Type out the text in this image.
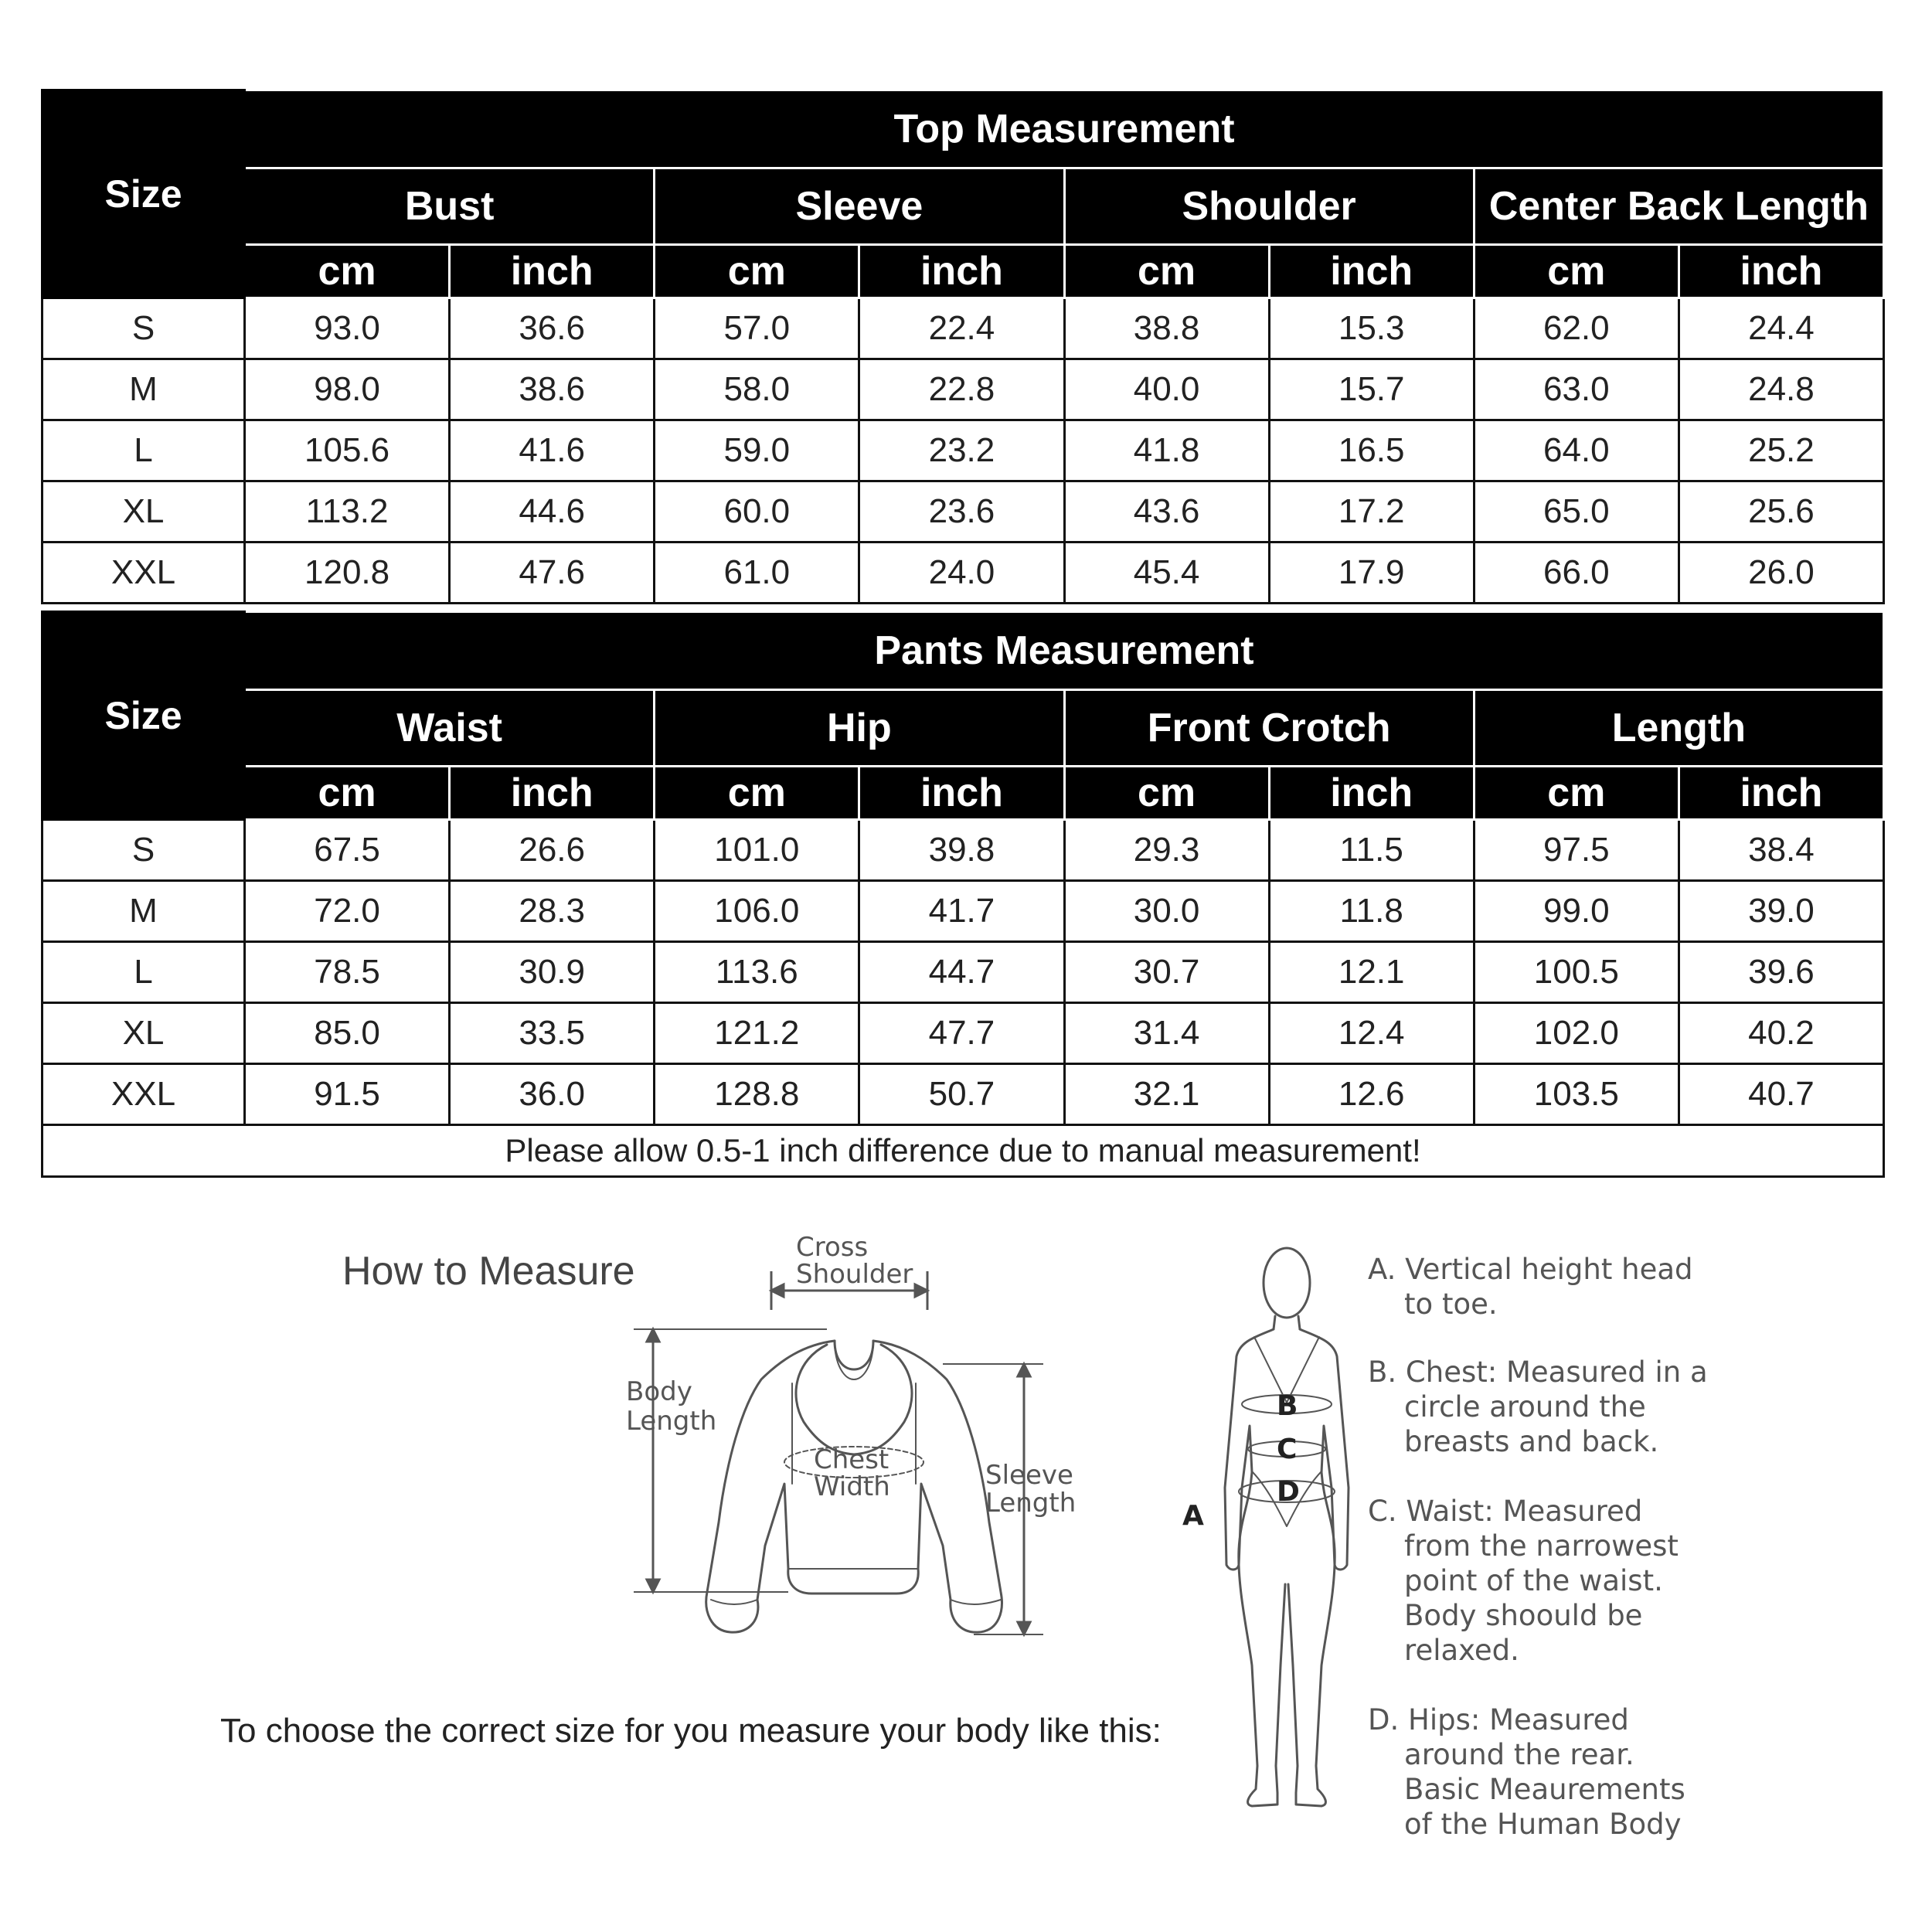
Size	Top Measurement							
	Bust		Sleeve		Shoulder		Center Back Length	
	cm	inch	cm	inch	cm	inch	cm	inch
S	93.0	36.6	57.0	22.4	38.8	15.3	62.0	24.4
M	98.0	38.6	58.0	22.8	40.0	15.7	63.0	24.8
L	105.6	41.6	59.0	23.2	41.8	16.5	64.0	25.2
XL	113.2	44.6	60.0	23.6	43.6	17.2	65.0	25.6
XXL	120.8	47.6	61.0	24.0	45.4	17.9	66.0	26.0
Size	Pants Measurement							
	Waist		Hip		Front Crotch		Length	
	cm	inch	cm	inch	cm	inch	cm	inch
S	67.5	26.6	101.0	39.8	29.3	11.5	97.5	38.4
M	72.0	28.3	106.0	41.7	30.0	11.8	99.0	39.0
L	78.5	30.9	113.6	44.7	30.7	12.1	100.5	39.6
XL	85.0	33.5	121.2	47.7	31.4	12.4	102.0	40.2
XXL	91.5	36.0	128.8	50.7	32.1	12.6	103.5	40.7
Please allow 0.5-1 inch difference due to manual measurement!								
How to Measure
To choose the correct size for you measure your body like this:
Cross
Shoulder
Body
Length
Chest
Width	Sleeve
Length
B
C
D
A
A. Vertical height head
to toe.
B. Chest: Measured in a
circle around the
breasts and back.
C. Waist: Measured
from the narrowest
point of the waist.
Body shoould be
relaxed.
D. Hips: Measured
around the rear.
Basic Meaurements
of the Human Body
